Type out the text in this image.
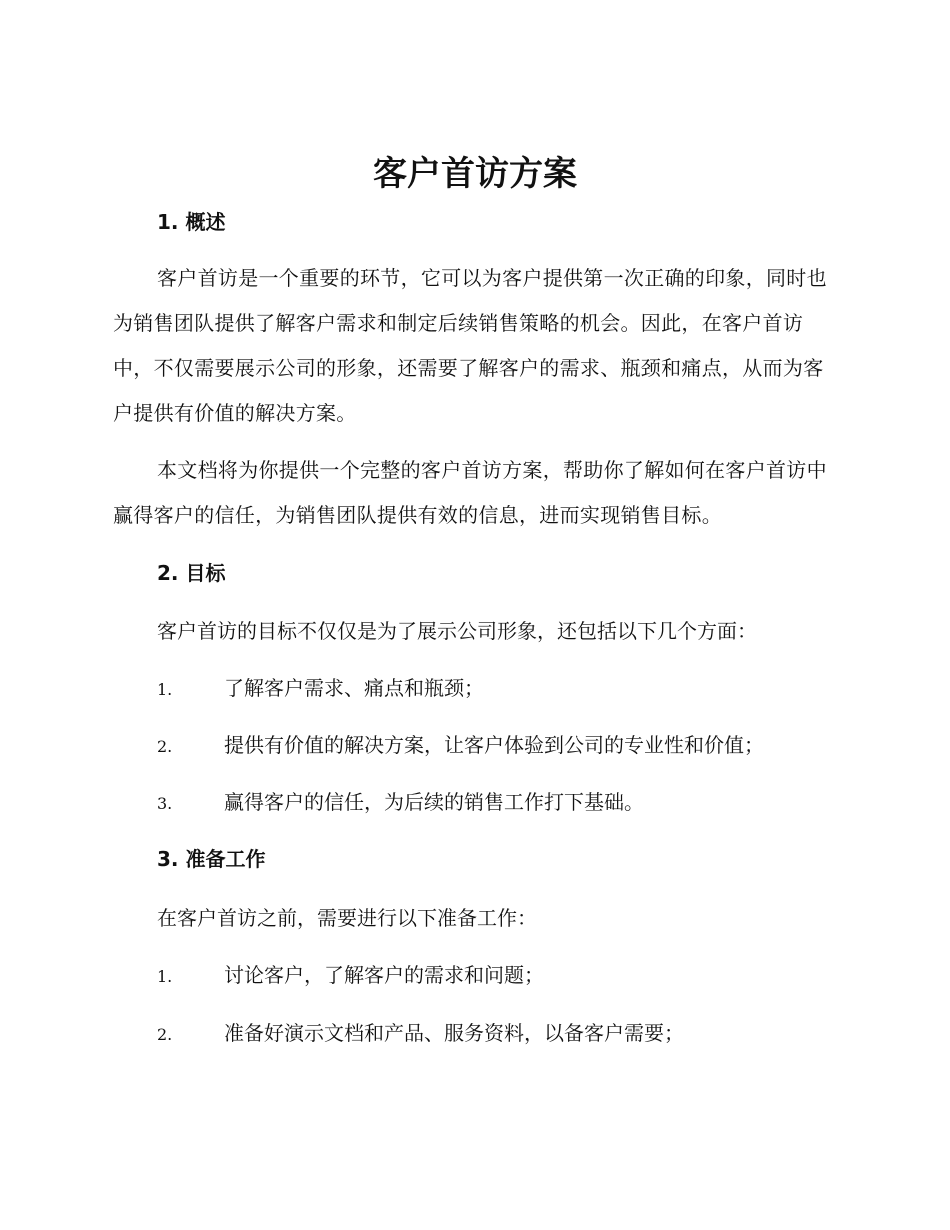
客户首访方案
1. 概述

客户首访是一个重要的环节，它可以为客户提供第一次正确的印象，同时也为销售团队提供了解客户需求和制定后续销售策略的机会。因此，在客户首访中，不仅需要展示公司的形象，还需要了解客户的需求、瓶颈和痛点，从而为客户提供有价值的解决方案。

本文档将为你提供一个完整的客户首访方案，帮助你了解如何在客户首访中赢得客户的信任，为销售团队提供有效的信息，进而实现销售目标。

2. 目标

客户首访的目标不仅仅是为了展示公司形象，还包括以下几个方面：

1.	了解客户需求、痛点和瓶颈；
2.	提供有价值的解决方案，让客户体验到公司的专业性和价值；
3.	赢得客户的信任，为后续的销售工作打下基础。
3. 准备工作

在客户首访之前，需要进行以下准备工作：

1.	讨论客户，了解客户的需求和问题；
2.	准备好演示文档和产品、服务资料，以备客户需要；
